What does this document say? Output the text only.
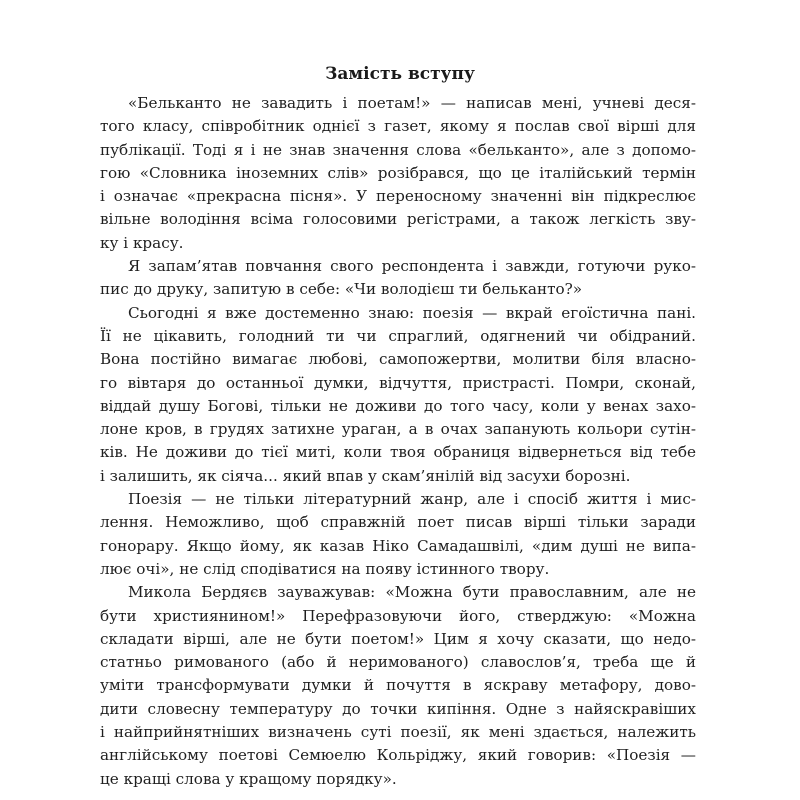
Замість вступу
«Бельканто не завадить і поетам!» — написав мені, учневі деся-
того класу, співробітник однієї з газет, якому я послав свої вірші для
публікації. Тоді я і не знав значення слова «бельканто», але з допомо-
гою «Словника іноземних слів» розібрався, що це італійський термін
і означає «прекрасна пісня». У переносному значенні він підкреслює
вільне володіння всіма голосовими регістрами, а також легкість зву-
ку і красу.
Я запам’ятав повчання свого респондента і завжди, готуючи руко-
пис до друку, запитую в себе: «Чи володієш ти бельканто?»
Сьогодні я вже достеменно знаю: поезія — вкрай егоїстична пані.
Її не цікавить, голодний ти чи спраглий, одягнений чи обідраний.
Вона постійно вимагає любові, самопожертви, молитви біля власно-
го вівтаря до останньої думки, відчуття, пристрасті. Помри, сконай,
віддай душу Богові, тільки не доживи до того часу, коли у венах захо-
лоне кров, в грудях затихне ураган, а в очах запанують кольори сутін-
ків. Не доживи до тієї миті, коли твоя обраниця відвернеться від тебе
і залишить, як сіяча... який впав у скам’янілій від засухи борозні.
Поезія — не тільки літературний жанр, але і спосіб життя і мис-
лення. Неможливо, щоб справжній поет писав вірші тільки заради
гонорару. Якщо йому, як казав Ніко Самадашвілі, «дим душі не випа-
лює очі», не слід сподіватися на появу істинного твору.
Микола Бердяєв зауважував: «Можна бути православним, але не
бути християнином!» Перефразовуючи його, стверджую: «Можна
складати вірші, але не бути поетом!» Цим я хочу сказати, що недо-
статньо римованого (або й неримованого) славослов’я, треба ще й
уміти трансформувати думки й почуття в яскраву метафору, дово-
дити словесну температуру до точки кипіння. Одне з найяскравіших
і найприйнятніших визначень суті поезії, як мені здається, належить
англійському поетові Семюелю Кольріджу, який говорив: «Поезія —
це кращі слова у кращому порядку».
